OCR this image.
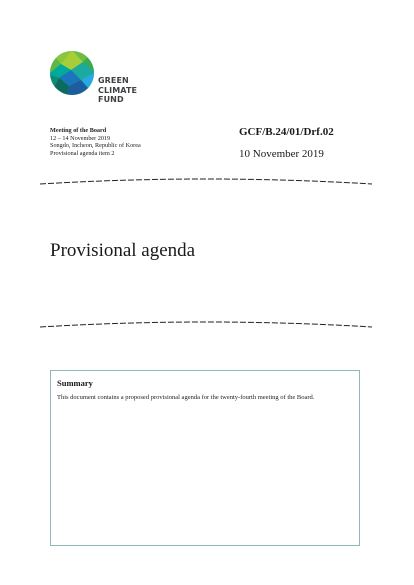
GREEN
CLIMATE
FUND
Meeting of the Board
12 – 14 November 2019
Songdo, Incheon, Republic of Korea
Provisional agenda item 2
GCF/B.24/01/Drf.02
10 November 2019
Provisional agenda

Summary

This document contains a proposed provisional agenda for the twenty-fourth meeting of the Board.
